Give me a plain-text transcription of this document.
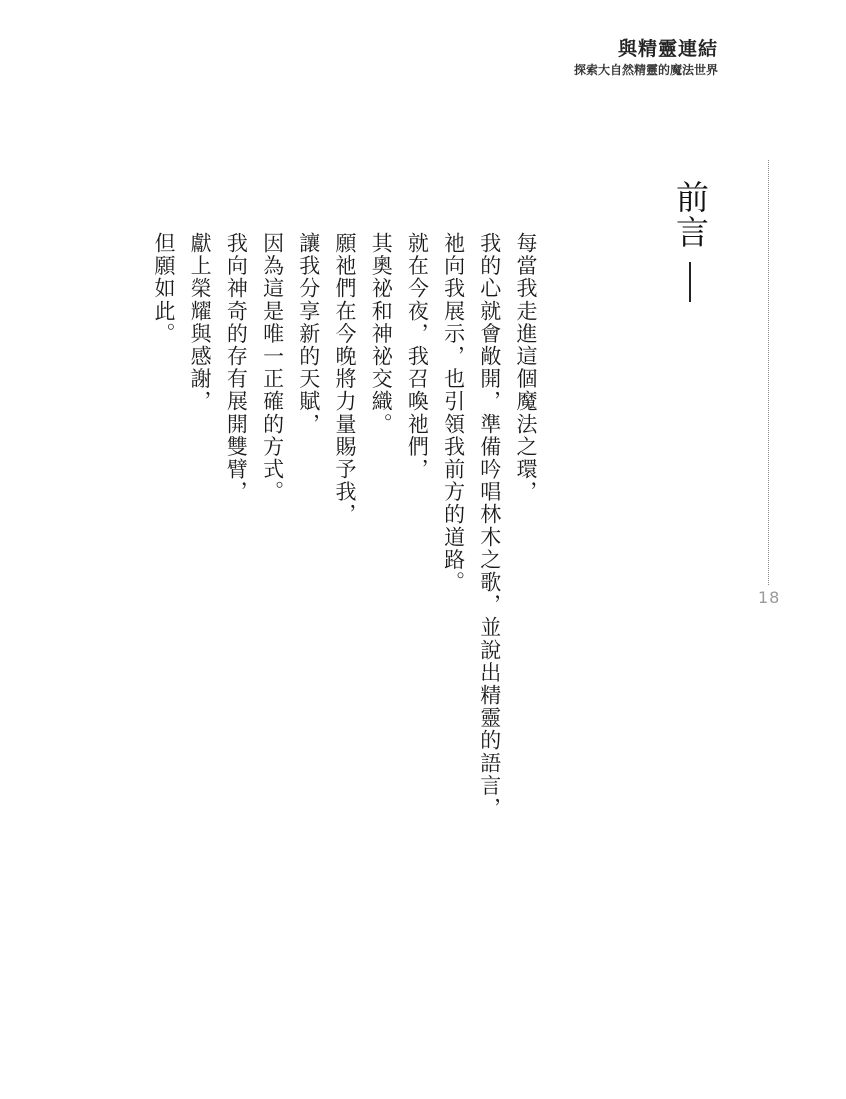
與精靈連結
探索大自然精靈的魔法世界
18
前言
每當我走進這個魔法之環，
我的心就會敞開，準備吟唱林木之歌，並說出精靈的語言，
祂向我展示，也引領我前方的道路。
就在今夜，我召喚祂們，
其奧祕和神祕交織。
願祂們在今晚將力量賜予我，
讓我分享新的天賦，
因為這是唯一正確的方式。
我向神奇的存有展開雙臂，
獻上榮耀與感謝，
但願如此。
